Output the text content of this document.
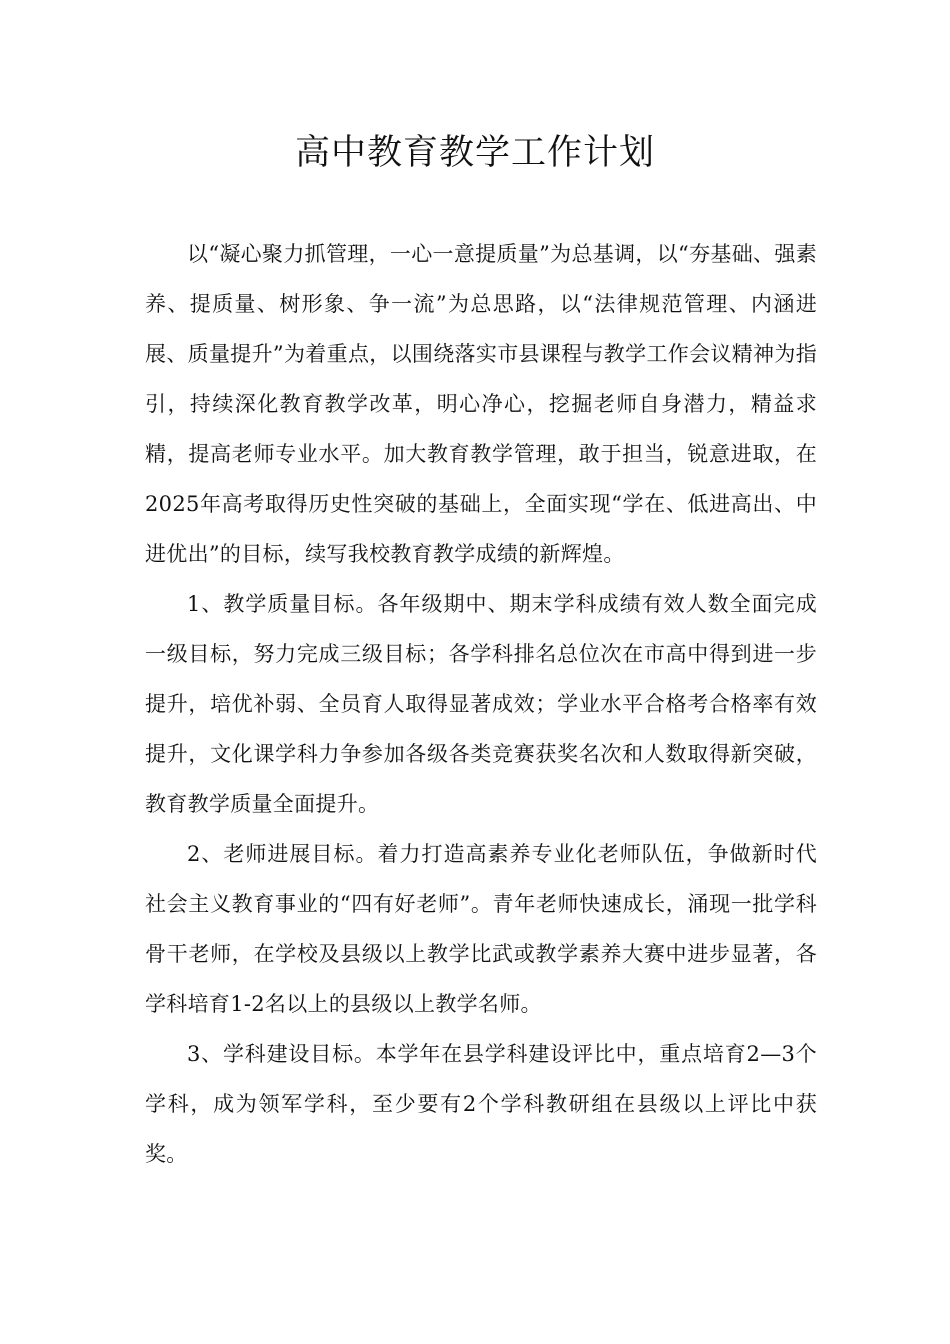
高中教育教学工作计划

以“凝心聚力抓管理，一心一意提质量”为总基调，以“夯基础、强素养、提质量、树形象、争一流”为总思路，以“法律规范管理、内涵进展、质量提升”为着重点，以围绕落实市县课程与教学工作会议精神为指引，持续深化教育教学改革，明心净心，挖掘老师自身潜力，精益求精，提高老师专业水平。加大教育教学管理，敢于担当，锐意进取，在2025年高考取得历史性突破的基础上，全面实现“学在、低进高出、中进优出”的目标，续写我校教育教学成绩的新辉煌。

1、教学质量目标。各年级期中、期末学科成绩有效人数全面完成一级目标，努力完成三级目标；各学科排名总位次在市高中得到进一步提升，培优补弱、全员育人取得显著成效；学业水平合格考合格率有效提升，文化课学科力争参加各级各类竞赛获奖名次和人数取得新突破，教育教学质量全面提升。

2、老师进展目标。着力打造高素养专业化老师队伍，争做新时代社会主义教育事业的“四有好老师”。青年老师快速成长，涌现一批学科骨干老师，在学校及县级以上教学比武或教学素养大赛中进步显著，各学科培育1-2名以上的县级以上教学名师。

3、学科建设目标。本学年在县学科建设评比中，重点培育2—3个学科，成为领军学科，至少要有2个学科教研组在县级以上评比中获奖。
